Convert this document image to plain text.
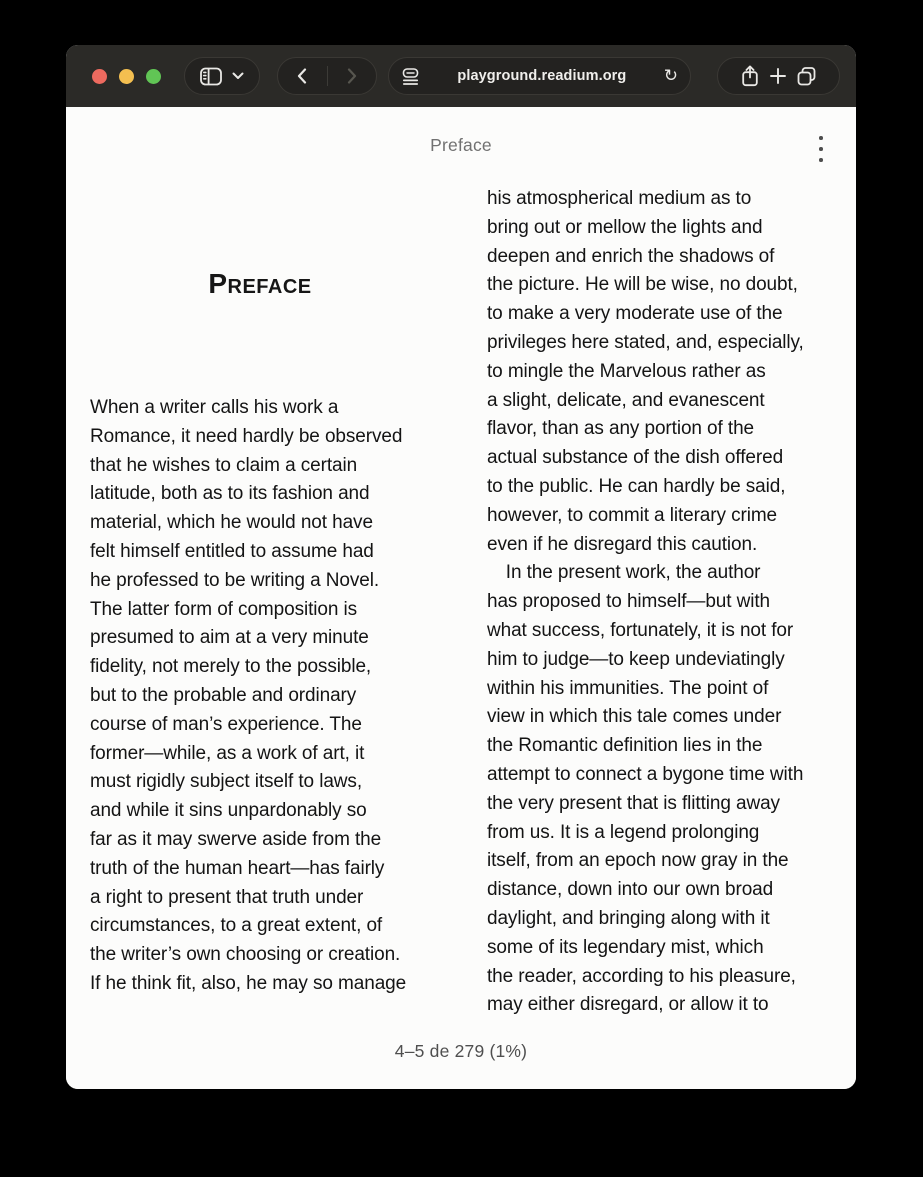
playground.readium.org	↻
Preface
Preface
When a writer calls his work a
Romance, it need hardly be observed
that he wishes to claim a certain
latitude, both as to its fashion and
material, which he would not have
felt himself entitled to assume had
he professed to be writing a Novel.
The latter form of composition is
presumed to aim at a very minute
fidelity, not merely to the possible,
but to the probable and ordinary
course of man’s experience. The
former—while, as a work of art, it
must rigidly subject itself to laws,
and while it sins unpardonably so
far as it may swerve aside from the
truth of the human heart—has fairly
a right to present that truth under
circumstances, to a great extent, of
the writer’s own choosing or creation.
If he think fit, also, he may so manage
his atmospherical medium as to
bring out or mellow the lights and
deepen and enrich the shadows of
the picture. He will be wise, no doubt,
to make a very moderate use of the
privileges here stated, and, especially,
to mingle the Marvelous rather as
a slight, delicate, and evanescent
flavor, than as any portion of the
actual substance of the dish offered
to the public. He can hardly be said,
however, to commit a literary crime
even if he disregard this caution.
  In the present work, the author
has proposed to himself—but with
what success, fortunately, it is not for
him to judge—to keep undeviatingly
within his immunities. The point of
view in which this tale comes under
the Romantic definition lies in the
attempt to connect a bygone time with
the very present that is flitting away
from us. It is a legend prolonging
itself, from an epoch now gray in the
distance, down into our own broad
daylight, and bringing along with it
some of its legendary mist, which
the reader, according to his pleasure,
may either disregard, or allow it to
4–5 de 279 (1%)
